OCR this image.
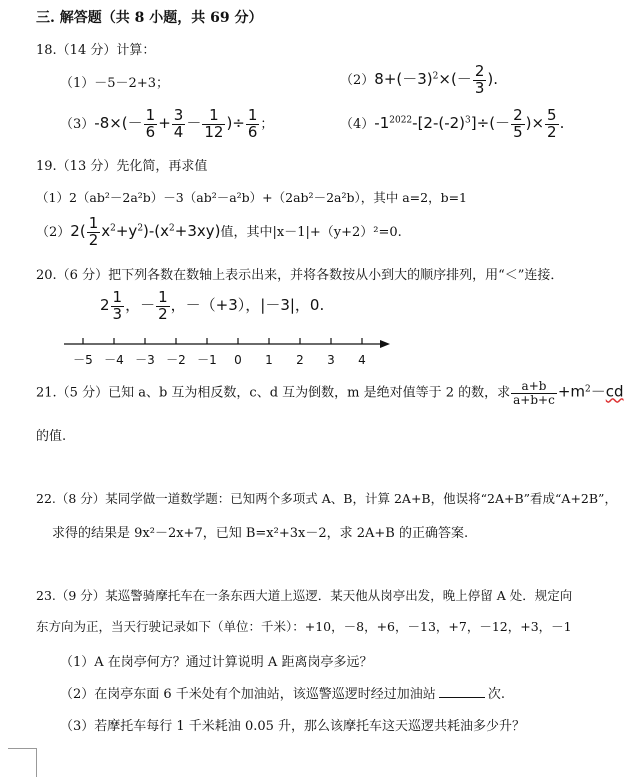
三. 解答题（共 8 小题，共 69 分）
18.（14 分）计算：
（1）－5－2+3；	$(2)8+(-3)^2\times(- \frac{2}{3}$ ).
$(3)-8\times(- \frac{1}{6} + \frac{3}{4} - \frac{1}{12}$ )÷ $\frac{1}{6}$ ；	$(4)-1^{2022}-[2-(-2)^3]\div(- \frac{2}{5}$ )× $\frac{5}{2}$ .
19.（13 分）先化简，再求值
（1）2（ab²－2a²b）－3（ab²－a²b）+（2ab²－2a²b），其中 a=2，b=1
$(2)2( \frac{1}{2} x^2+y^2)-(x^2+3xy)$值，其中|x－1|+（y+2）²=0.
20.（6 分）把下列各数在数轴上表示出来，并将各数按从小到大的顺序排列，用“＜”连接．
$2 \frac{1}{3}$ ，－ $\frac{1}{2}$ ，－（+3），|－3|，0.
－5 －4 －3 －2 －1 0 1 2 3 4
21.（5 分）已知 a、b 互为相反数，c、d 互为倒数，m 是绝对值等于 2 的数，求 $\frac{a+b}{a+b+c} +m^2-cd$
的值.
22.（8 分）某同学做一道数学题：已知两个多项式 A、B，计算 2A+B，他误将“2A+B”看成“A+2B”，
求得的结果是 9x²－2x+7，已知 B=x²+3x－2，求 2A+B 的正确答案.
23.（9 分）某巡警骑摩托车在一条东西大道上巡逻．某天他从岗亭出发，晚上停留 A 处．规定向
东方向为正，当天行驶记录如下（单位：千米）：+10，－8，+6，－13，+7，－12，+3，－1
（1）A 在岗亭何方？通过计算说明 A 距离岗亭多远？
（2）在岗亭东面 6 千米处有个加油站，该巡警巡逻时经过加油站	次.
（3）若摩托车每行 1 千米耗油 0.05 升，那么该摩托车这天巡逻共耗油多少升？
